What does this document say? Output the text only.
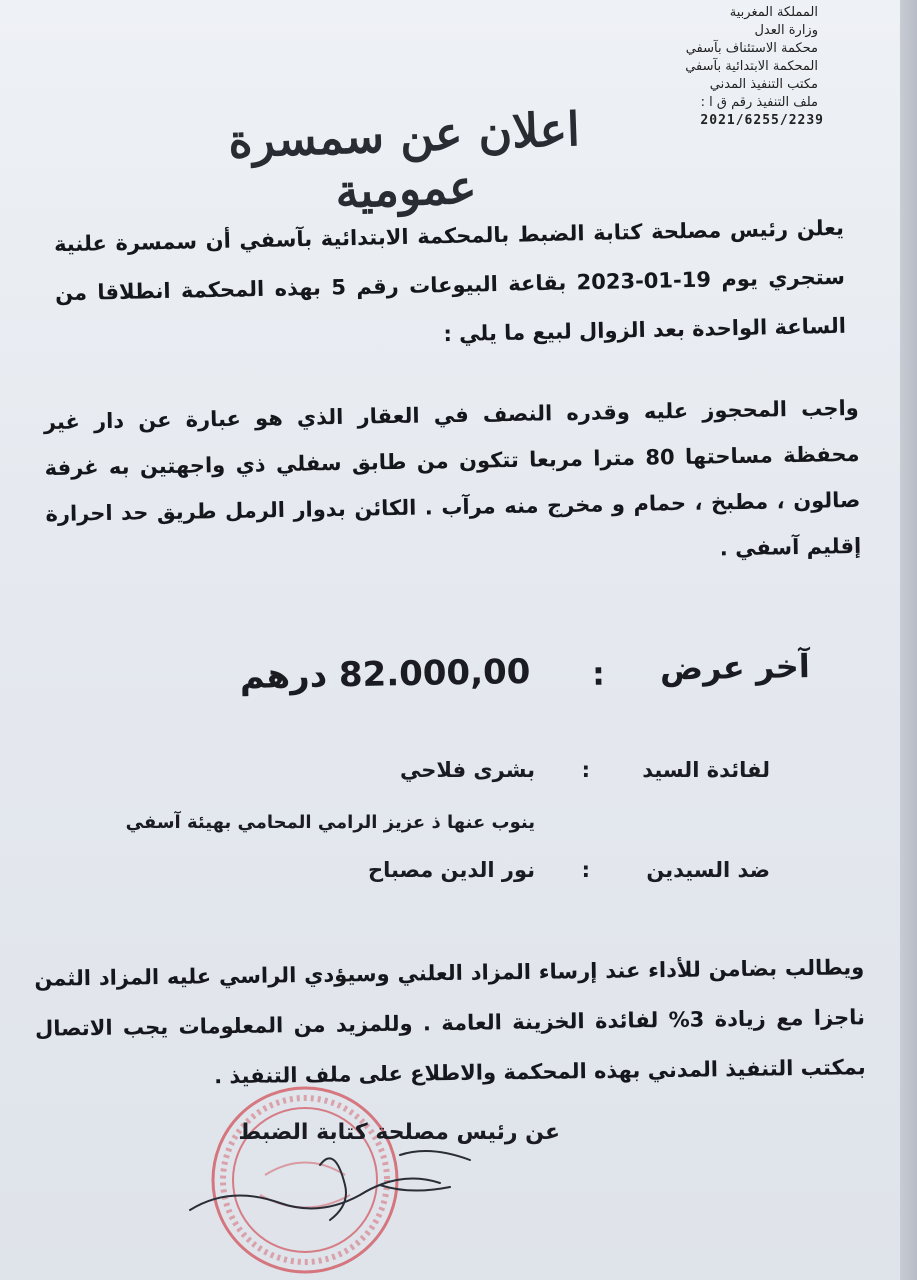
المملكة المغربية
وزارة العدل
محكمة الاستئناف بآسفي
المحكمة الابتدائية بآسفي
مكتب التنفيذ المدني
ملف التنفيذ رقم ق ا :
2021/6255/2239
اعلان عن سمسرة عمومية
يعلن رئيس مصلحة كتابة الضبط بالمحكمة الابتدائية بآسفي أن سمسرة علنية ستجري يوم 19-01-2023 بقاعة البيوعات رقم 5 بهذه المحكمة انطلاقا من الساعة الواحدة بعد الزوال لبيع ما يلي :
واجب المحجوز عليه وقدره النصف في العقار الذي هو عبارة عن دار غير محفظة مساحتها 80 مترا مربعا تتكون من طابق سفلي ذي واجهتين به غرفة صالون ، مطبخ ، حمام و مخرج منه مرآب . الكائن بدوار الرمل طريق حد احرارة إقليم آسفي .
آخر عرض
:
82.000,00 درهم
لفائدة السيد
:
بشرى فلاحي
ينوب عنها ذ عزيز الرامي المحامي بهيئة آسفي
ضد السيدين
:
نور الدين مصباح
ويطالب بضامن للأداء عند إرساء المزاد العلني وسيؤدي الراسي عليه المزاد الثمن ناجزا مع زيادة 3% لفائدة الخزينة العامة . وللمزيد من المعلومات يجب الاتصال بمكتب التنفيذ المدني بهذه المحكمة والاطلاع على ملف التنفيذ .
عن رئيس مصلحة كتابة الضبط
